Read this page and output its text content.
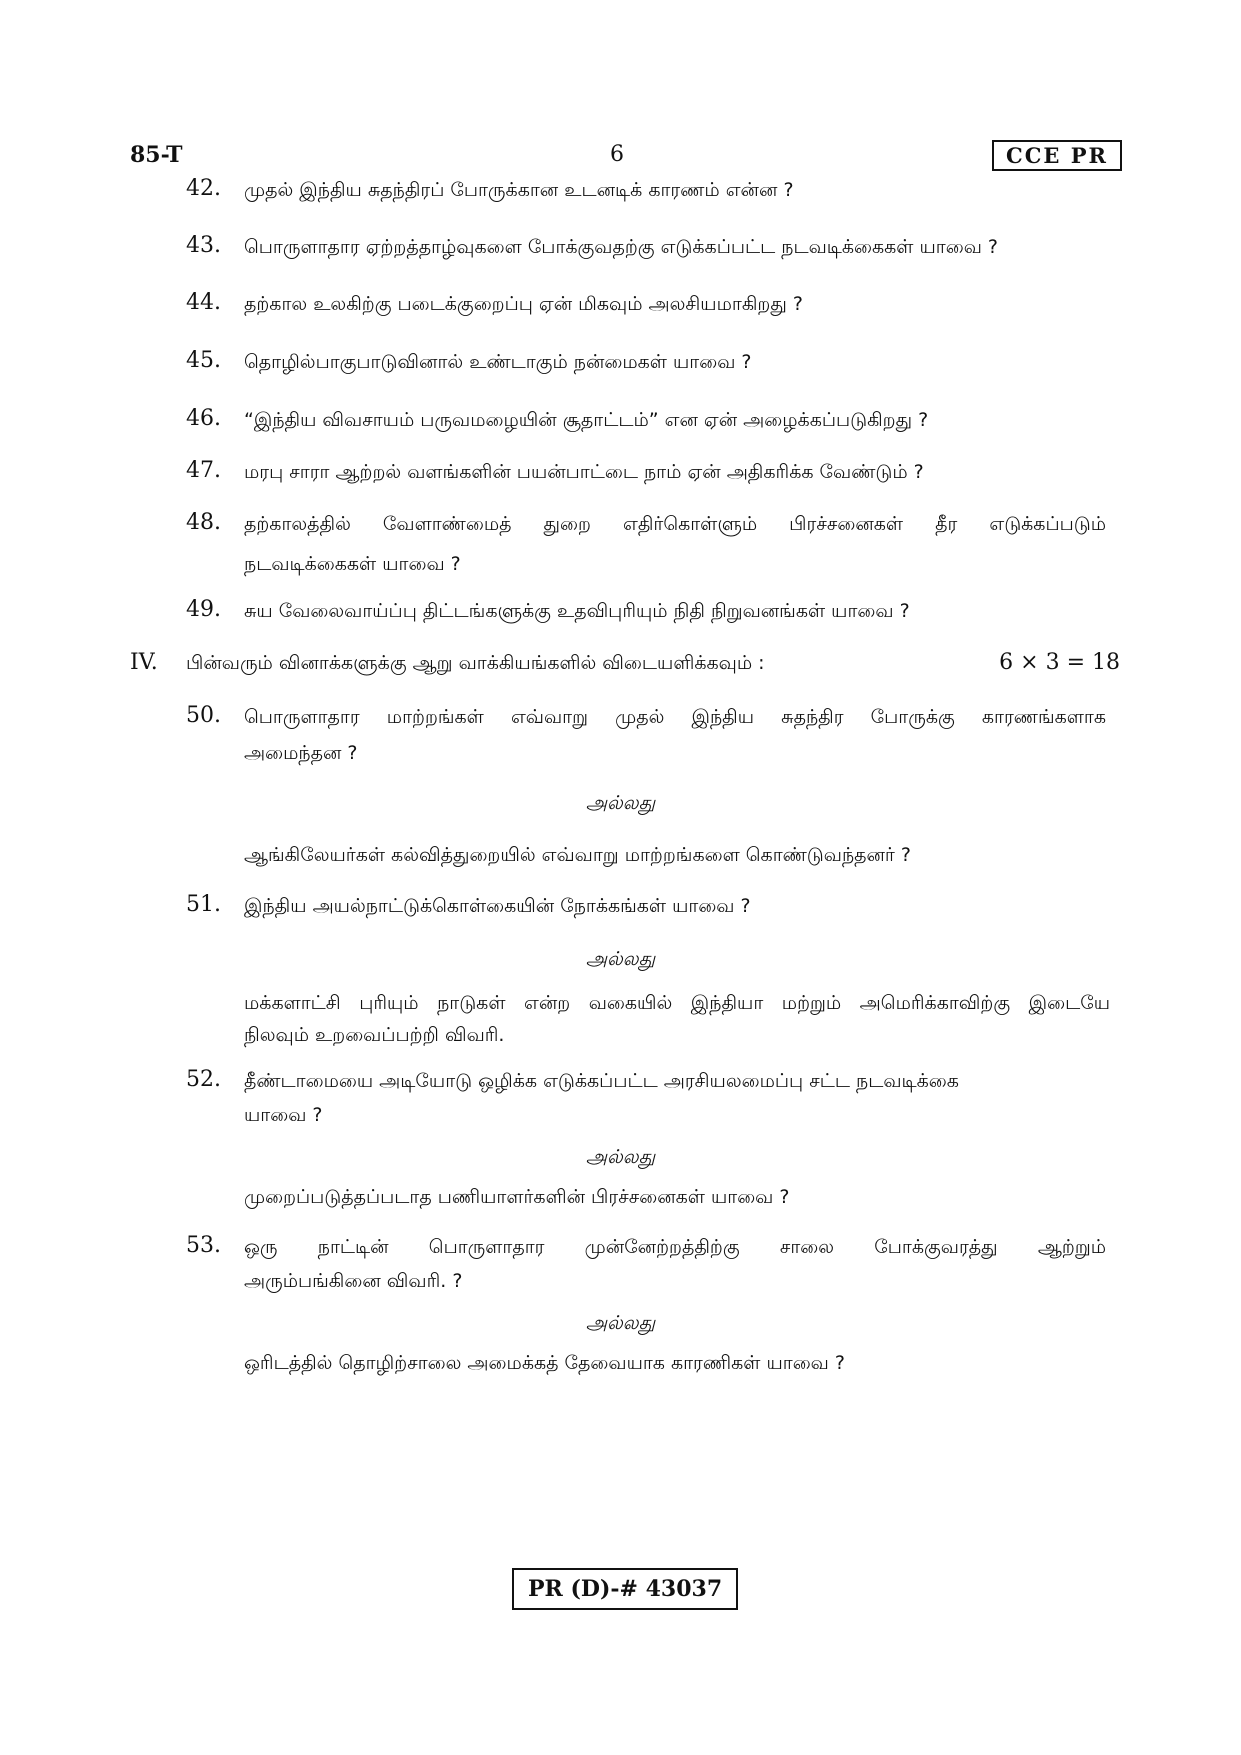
85-T	6	CCE PR
42. முதல் இந்திய சுதந்திரப் போருக்கான உடனடிக் காரணம் என்ன ?
43. பொருளாதார ஏற்றத்தாழ்வுகளை போக்குவதற்கு எடுக்கப்பட்ட நடவடிக்கைகள் யாவை ?
44. தற்கால உலகிற்கு படைக்குறைப்பு ஏன் மிகவும் அலசியமாகிறது ?
45. தொழில்பாகுபாடுவினால் உண்டாகும் நன்மைகள் யாவை ?
46. “இந்திய விவசாயம் பருவமழையின் சூதாட்டம்” என ஏன் அழைக்கப்படுகிறது ?
47. மரபு சாரா ஆற்றல் வளங்களின் பயன்பாட்டை நாம் ஏன் அதிகரிக்க வேண்டும் ?
48. தற்காலத்தில் வேளாண்மைத் துறை எதிர்கொள்ளும் பிரச்சனைகள் தீர எடுக்கப்படும்
நடவடிக்கைகள் யாவை ?
49. சுய வேலைவாய்ப்பு திட்டங்களுக்கு உதவிபுரியும் நிதி நிறுவனங்கள் யாவை ?
IV. பின்வரும் வினாக்களுக்கு ஆறு வாக்கியங்களில் விடையளிக்கவும் :	6 × 3 = 18
50. பொருளாதார மாற்றங்கள் எவ்வாறு முதல் இந்திய சுதந்திர போருக்கு காரணங்களாக
அமைந்தன ?
அல்லது
ஆங்கிலேயர்கள் கல்வித்துறையில் எவ்வாறு மாற்றங்களை கொண்டுவந்தனர் ?
51. இந்திய அயல்நாட்டுக்கொள்கையின் நோக்கங்கள் யாவை ?
அல்லது
மக்களாட்சி புரியும் நாடுகள் என்ற வகையில் இந்தியா மற்றும் அமெரிக்காவிற்கு இடையே
நிலவும் உறவைப்பற்றி விவரி.
52. தீண்டாமையை அடியோடு ஒழிக்க எடுக்கப்பட்ட அரசியலமைப்பு சட்ட நடவடிக்கை
யாவை ?
அல்லது
முறைப்படுத்தப்படாத பணியாளர்களின் பிரச்சனைகள் யாவை ?
53. ஒரு நாட்டின் பொருளாதார முன்னேற்றத்திற்கு சாலை போக்குவரத்து ஆற்றும்
அரும்பங்கினை விவரி. ?
அல்லது
ஒரிடத்தில் தொழிற்சாலை அமைக்கத் தேவையாக காரணிகள் யாவை ?
PR (D)-# 43037
